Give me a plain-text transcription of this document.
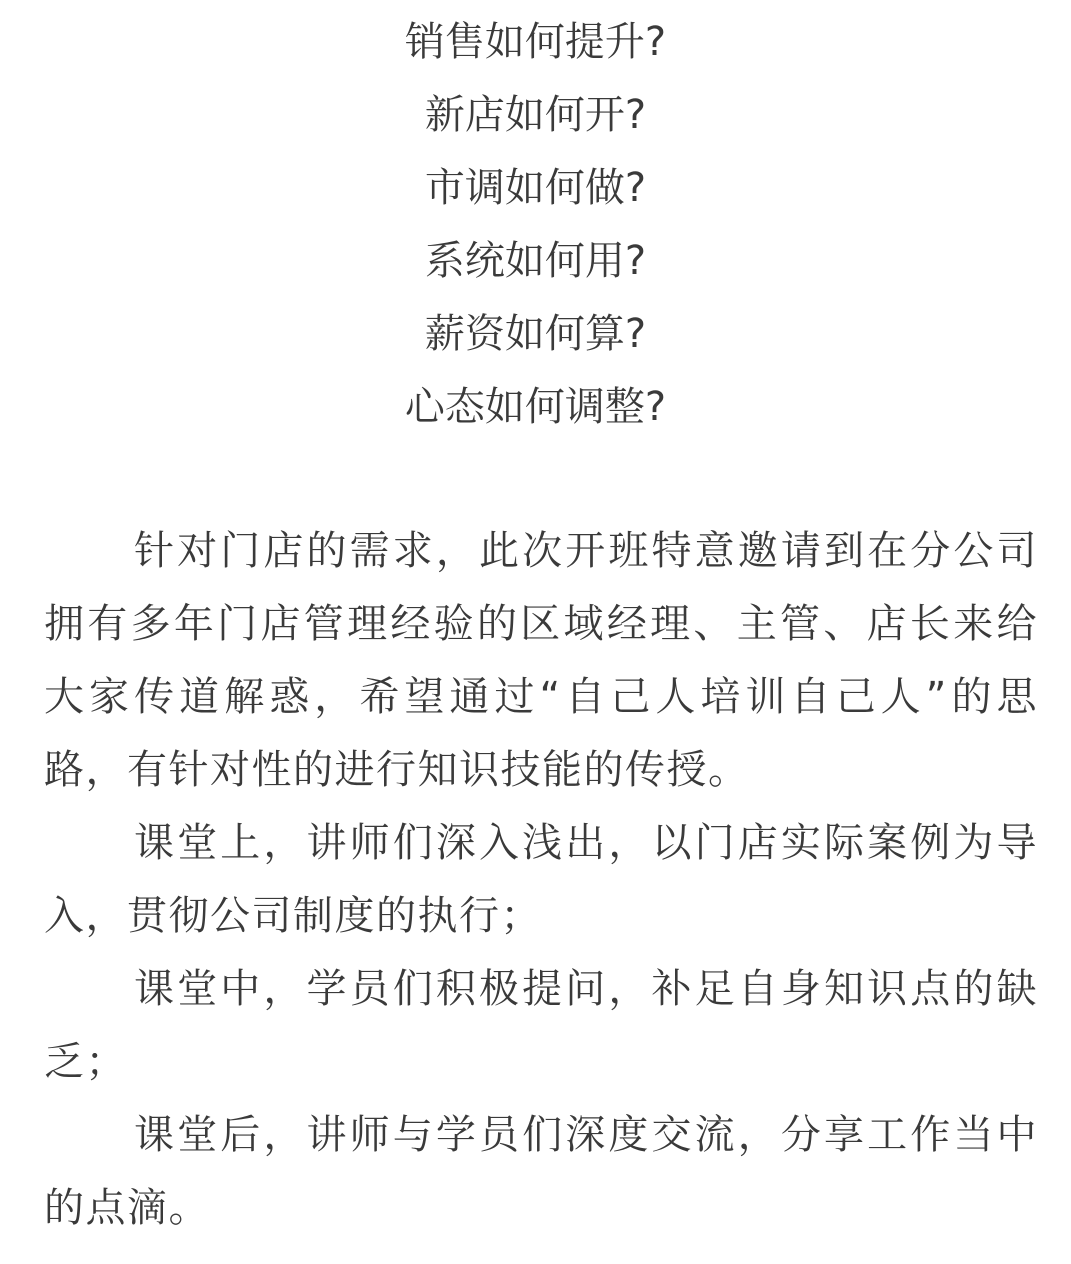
销售如何提升?
新店如何开?
市调如何做?
系统如何用?
薪资如何算?
心态如何调整?

针对门店的需求，此次开班特意邀请到在分公司拥有多年门店管理经验的区域经理、主管、店长来给大家传道解惑，希望通过“自己人培训自己人”的思路，有针对性的进行知识技能的传授。

课堂上，讲师们深入浅出，以门店实际案例为导入，贯彻公司制度的执行；

课堂中，学员们积极提问，补足自身知识点的缺乏；

课堂后，讲师与学员们深度交流，分享工作当中的点滴。
